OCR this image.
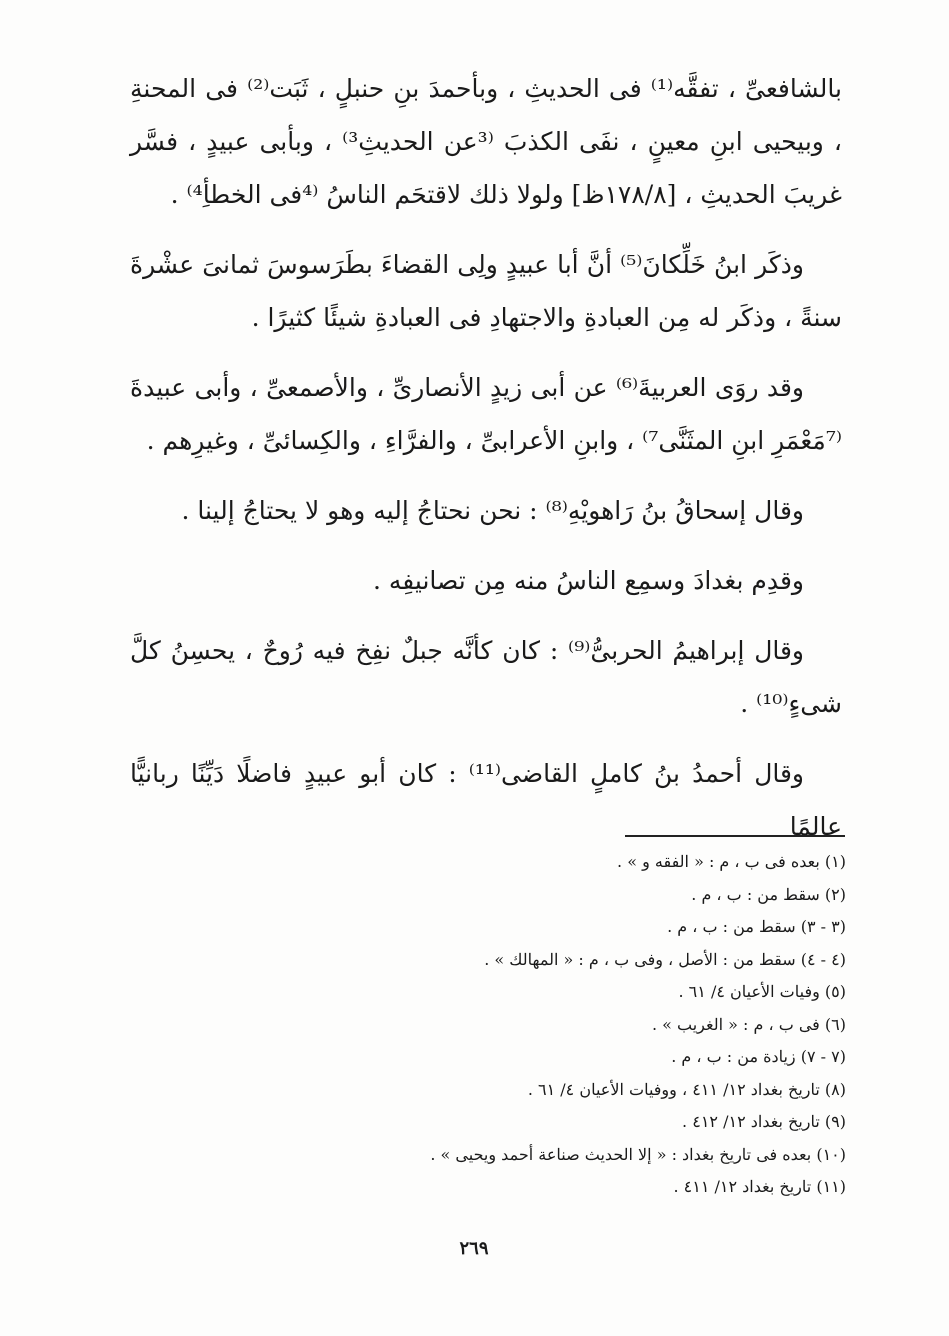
بالشافعىِّ ، تفقَّه⁽¹⁾ فى الحديثِ ، وبأحمدَ بنِ حنبلٍ ، ثَبَت⁽²⁾ فى المحنةِ ، وبيحيى ابنِ معينٍ ، نفَى الكذبَ ⁽³عن الحديثِ³⁾ ، وبأبى عبيدٍ ، فسَّر غريبَ الحديثِ ، [١٧٨/٨ظ] ولولا ذلك لاقتحَم الناسُ ⁽⁴فى الخطأِ⁴⁾ .

وذكَر ابنُ خَلِّكانَ⁽⁵⁾ أنَّ أبا عبيدٍ ولِى القضاءَ بطَرَسوسَ ثمانىَ عشْرةَ سنةً ، وذكَر له مِن العبادةِ والاجتهادِ فى العبادةِ شيئًا كثيرًا .

وقد روَى العربيةَ⁽⁶⁾ عن أبى زيدٍ الأنصارىِّ ، والأصمعىِّ ، وأبى عبيدةَ ⁽⁷مَعْمَرِ ابنِ المثَنَّى⁷⁾ ، وابنِ الأعرابىِّ ، والفرَّاءِ ، والكِسائىِّ ، وغيرِهم .

وقال إسحاقُ بنُ رَاهويْهِ⁽⁸⁾ : نحن نحتاجُ إليه وهو لا يحتاجُ إلينا .

وقدِم بغدادَ وسمِع الناسُ منه مِن تصانيفِه .

وقال إبراهيمُ الحربىُّ⁽⁹⁾ : كان كأنَّه جبلٌ نفِخ فيه رُوحٌ ، يحسِنُ كلَّ شىءٍ⁽¹⁰⁾ .

وقال أحمدُ بنُ كاملٍ القاضى⁽¹¹⁾ : كان أبو عبيدٍ فاضلًا دَيِّنًا ربانيًّا عالمًا

(١) بعده فى ب ، م : « الفقه و » .
(٢) سقط من : ب ، م .
(٣ - ٣) سقط من : ب ، م .
(٤ - ٤) سقط من : الأصل ، وفى ب ، م : « المهالك » .
(٥) وفيات الأعيان ٤/ ٦١ .
(٦) فى ب ، م : « الغريب » .
(٧ - ٧) زيادة من : ب ، م .
(٨) تاريخ بغداد ١٢/ ٤١١ ، ووفيات الأعيان ٤/ ٦١ .
(٩) تاريخ بغداد ١٢/ ٤١٢ .
(١٠) بعده فى تاريخ بغداد : « إلا الحديث صناعة أحمد ويحيى » .
(١١) تاريخ بغداد ١٢/ ٤١١ .
٢٦٩
